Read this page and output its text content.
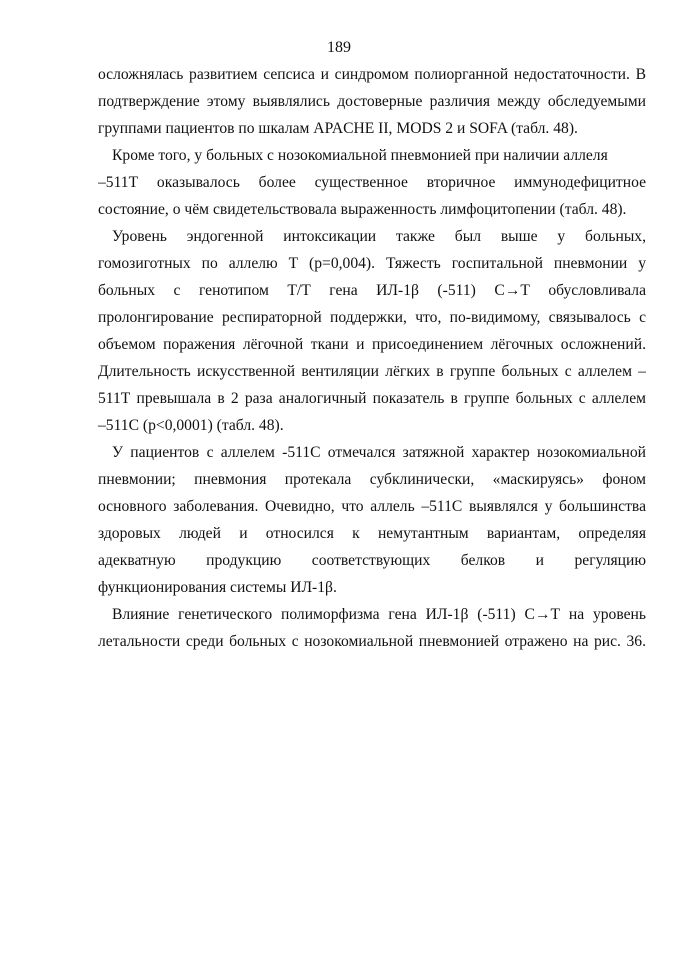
189
осложнялась развитием сепсиса и синдромом полиорганной недостаточности. В
подтверждение этому выявлялись достоверные различия между обследуемыми
группами пациентов по шкалам APACHE II, MODS 2 и SOFA (табл. 48).
Кроме того, у больных с нозокомиальной пневмонией при наличии аллеля
–511Т оказывалось более существенное вторичное иммунодефицитное
состояние, о чём свидетельствовала выраженность лимфоцитопении (табл. 48).
Уровень эндогенной интоксикации также был выше у больных,
гомозиготных по аллелю Т (р=0,004). Тяжесть госпитальной пневмонии у
больных с генотипом Т/Т гена ИЛ-1β (-511) С→Т обусловливала
пролонгирование респираторной поддержки, что, по-видимому, связывалось с
объемом поражения лёгочной ткани и присоединением лёгочных осложнений.
Длительность искусственной вентиляции лёгких в группе больных с аллелем –
511Т превышала в 2 раза аналогичный показатель в группе больных с аллелем
–511С (р<0,0001) (табл. 48).
У пациентов с аллелем -511С отмечался затяжной характер нозокомиальной
пневмонии; пневмония протекала субклинически, «маскируясь» фоном
основного заболевания. Очевидно, что аллель –511С выявлялся у большинства
здоровых людей и относился к немутантным вариантам, определяя
адекватную продукцию соответствующих белков и регуляцию
функционирования системы ИЛ-1β.
Влияние генетического полиморфизма гена ИЛ-1β (-511) С→Т на уровень
летальности среди больных с нозокомиальной пневмонией отражено на рис. 36.
